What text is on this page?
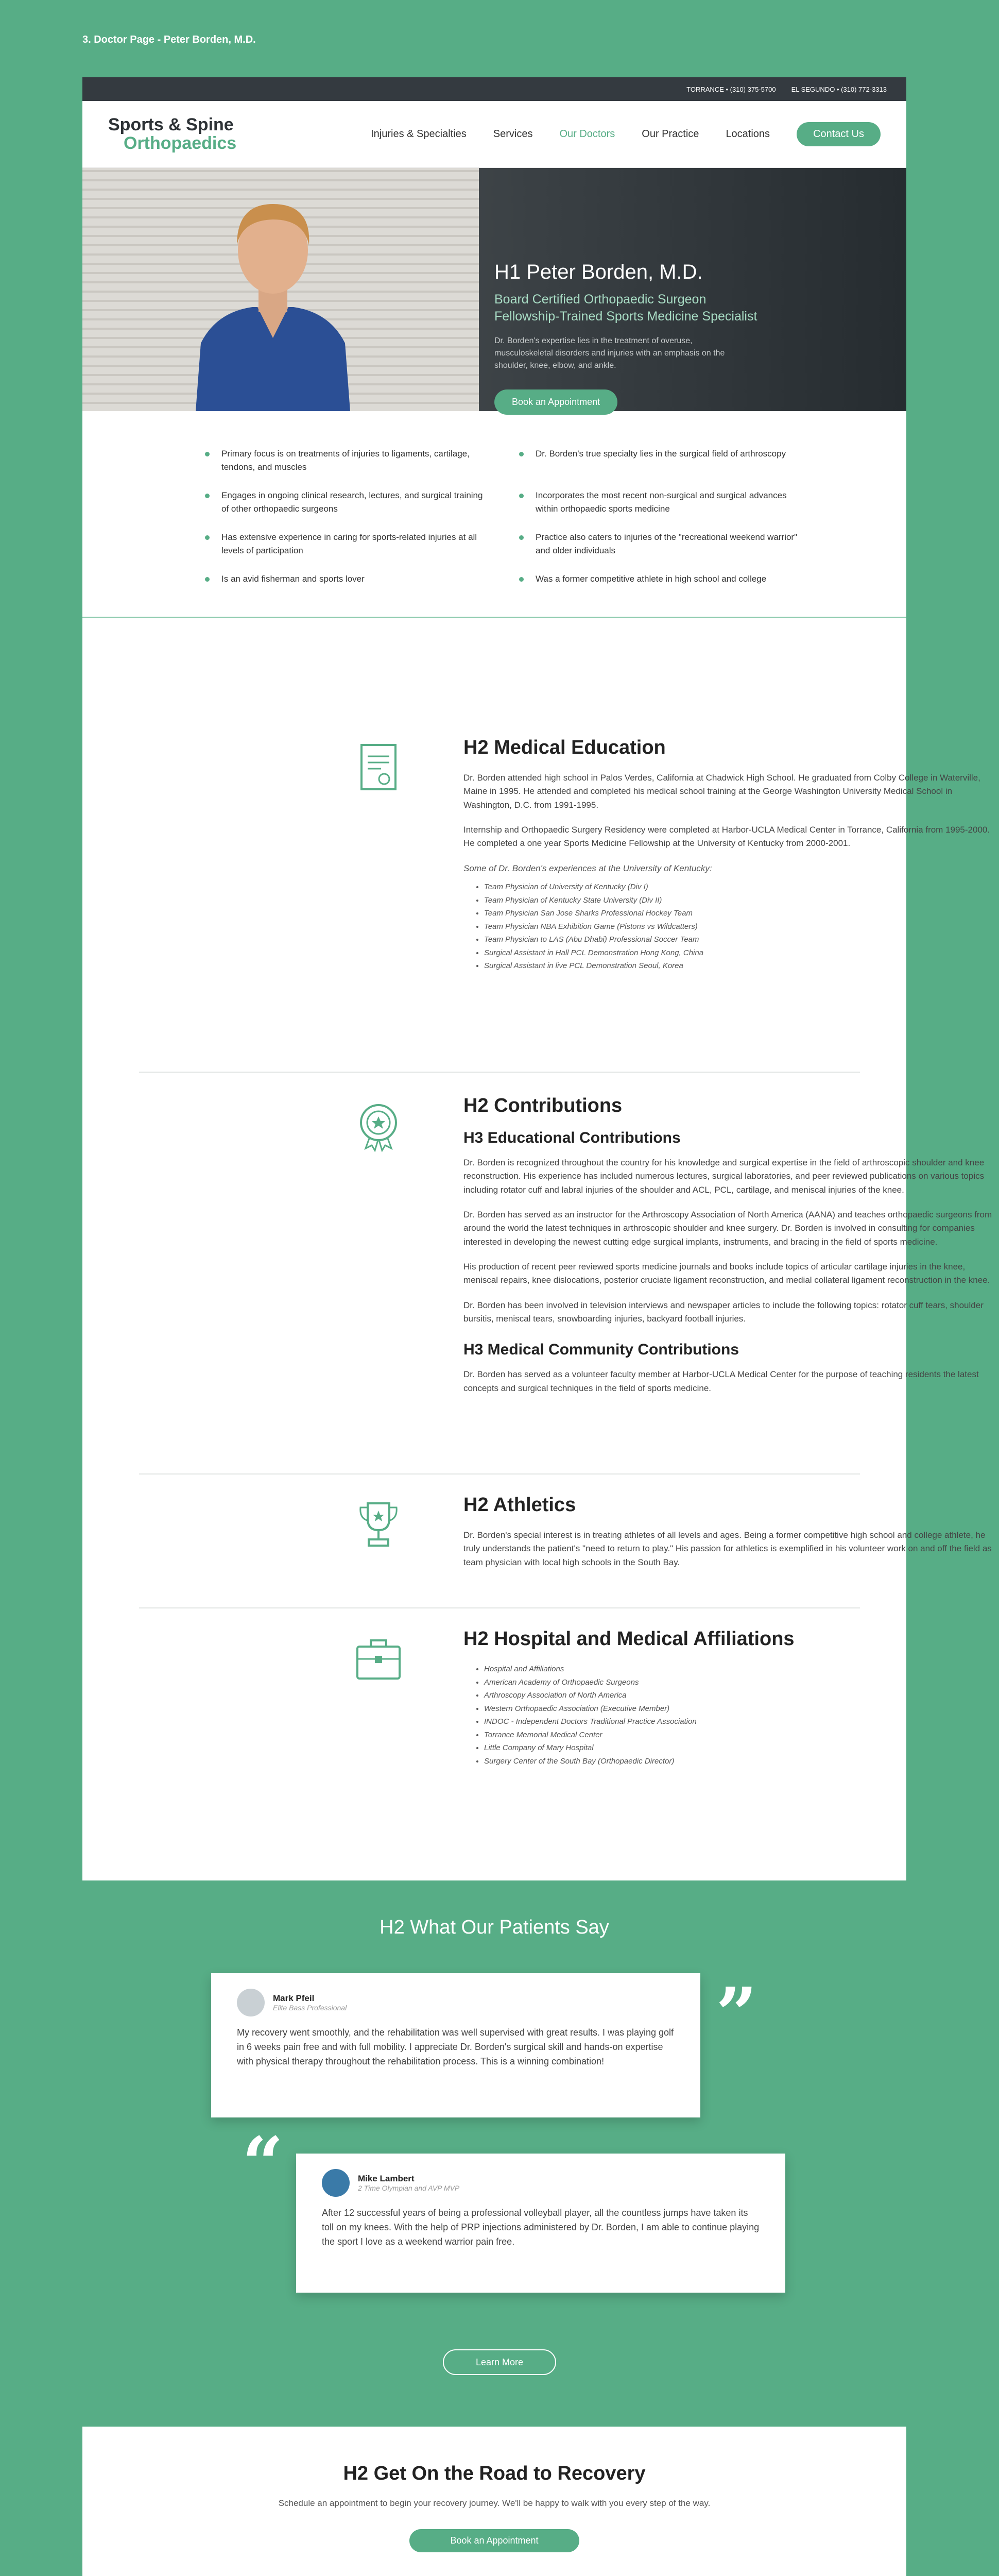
3. Doctor Page - Peter Borden, M.D.
TORRANCE • (310) 375-5700 EL SEGUNDO • (310) 772-3313
Sports & Spine
Orthopaedics	Injuries & Specialties	Services	Our Doctors	Our Practice	Locations	Contact Us
H1 Peter Borden, M.D.
Board Certified Orthopaedic Surgeon
Fellowship-Trained Sports Medicine Specialist

Dr. Borden's expertise lies in the treatment of overuse, musculoskeletal disorders and injuries with an emphasis on the shoulder, knee, elbow, and ankle.

Book an Appointment
Primary focus is on treatments of injuries to ligaments, cartilage, tendons, and muscles
Dr. Borden's true specialty lies in the surgical field of arthroscopy
Engages in ongoing clinical research, lectures, and surgical training of other orthopaedic surgeons
Incorporates the most recent non-surgical and surgical advances within orthopaedic sports medicine
Has extensive experience in caring for sports-related injuries at all levels of participation
Practice also caters to injuries of the "recreational weekend warrior" and older individuals
Is an avid fisherman and sports lover	Was a former competitive athlete in high school and college
H2 Medical Education

Dr. Borden attended high school in Palos Verdes, California at Chadwick High School. He graduated from Colby College in Waterville, Maine in 1995. He attended and completed his medical school training at the George Washington University Medical School in Washington, D.C. from 1991-1995.

Internship and Orthopaedic Surgery Residency were completed at Harbor-UCLA Medical Center in Torrance, California from 1995-2000. He completed a one year Sports Medicine Fellowship at the University of Kentucky from 2000-2001.

Some of Dr. Borden's experiences at the University of Kentucky:

• Team Physician of University of Kentucky (Div I)
• Team Physician of Kentucky State University (Div II)
• Team Physician San Jose Sharks Professional Hockey Team
• Team Physician NBA Exhibition Game (Pistons vs Wildcatters)
• Team Physician to LAS (Abu Dhabi) Professional Soccer Team
• Surgical Assistant in Hall PCL Demonstration Hong Kong, China
• Surgical Assistant in live PCL Demonstration Seoul, Korea
H2 Contributions
H3 Educational Contributions

Dr. Borden is recognized throughout the country for his knowledge and surgical expertise in the field of arthroscopic shoulder and knee reconstruction. His experience has included numerous lectures, surgical laboratories, and peer reviewed publications on various topics including rotator cuff and labral injuries of the shoulder and ACL, PCL, cartilage, and meniscal injuries of the knee.

Dr. Borden has served as an instructor for the Arthroscopy Association of North America (AANA) and teaches orthopaedic surgeons from around the world the latest techniques in arthroscopic shoulder and knee surgery. Dr. Borden is involved in consulting for companies interested in developing the newest cutting edge surgical implants, instruments, and bracing in the field of sports medicine.

His production of recent peer reviewed sports medicine journals and books include topics of articular cartilage injuries in the knee, meniscal repairs, knee dislocations, posterior cruciate ligament reconstruction, and medial collateral ligament reconstruction in the knee.

Dr. Borden has been involved in television interviews and newspaper articles to include the following topics: rotator cuff tears, shoulder bursitis, meniscal tears, snowboarding injuries, backyard football injuries.

H3 Medical Community Contributions

Dr. Borden has served as a volunteer faculty member at Harbor-UCLA Medical Center for the purpose of teaching residents the latest concepts and surgical techniques in the field of sports medicine.

H2 Athletics

Dr. Borden's special interest is in treating athletes of all levels and ages. Being a former competitive high school and college athlete, he truly understands the patient's "need to return to play." His passion for athletics is exemplified in his volunteer work on and off the field as team physician with local high schools in the South Bay.

H2 Hospital and Medical Affiliations
• Hospital and Affiliations
• American Academy of Orthopaedic Surgeons
• Arthroscopy Association of North America
• Western Orthopaedic Association (Executive Member)
• INDOC - Independent Doctors Traditional Practice Association
• Torrance Memorial Medical Center
• Little Company of Mary Hospital
• Surgery Center of the South Bay (Orthopaedic Director)
H2 What Our Patients Say
Mark Pfeil
Elite Bass Professional

My recovery went smoothly, and the rehabilitation was well supervised with great results. I was playing golf in 6 weeks pain free and with full mobility. I appreciate Dr. Borden's surgical skill and hands-on expertise with physical therapy throughout the rehabilitation process. This is a winning combination!

”
“	Mike Lambert
2 Time Olympian and AVP MVP

After 12 successful years of being a professional volleyball player, all the countless jumps have taken its toll on my knees. With the help of PRP injections administered by Dr. Borden, I am able to continue playing the sport I love as a weekend warrior pain free.

Learn More
H2 Get On the Road to Recovery

Schedule an appointment to begin your recovery journey. We'll be happy to walk with you every step of the way.

Book an Appointment
